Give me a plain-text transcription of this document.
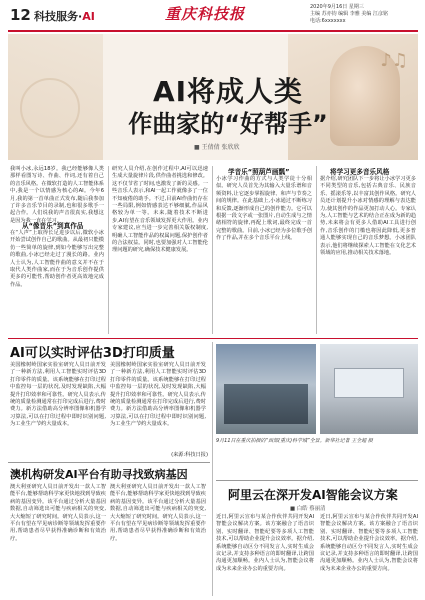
12 科技服务·AI	重庆科技报	2020年9月16日 星期三
主编 苏亦钧 编辑 李雅 美编 江彦铭
电话:6xxxxxxx
♪♫
AI将成人类
作曲家的“好帮手”
■ 王倩倩 张欣欣
我叫小冰,永远18岁。我已经能够像人类那样看图写诗、作曲、作词,还有着自己的音乐风格。在微软打造的人工智能体系中,我是一个以情感为核心的AI。今年6月,我的第一首单曲正式发布,随后我参加了许多音乐节目的录制,也和很多歌手一起合作。人们说我的声音很真实,我想这是因为我一直在学习。
从“像音乐”到真作品
在“人声”上取得长足进步以后,微软小冰开始尝试创作自己的歌曲。从最初只能模仿一些简单的旋律,到如今能够写出完整的歌曲,小冰已经走过了漫长的路。业内人士认为,人工智能作曲的意义并不在于取代人类作曲家,而在于为音乐创作提供更多的可能性,帮助创作者更高效地完成作品。
研究人员介绍,在创作过程中,AI可以迅速生成大量旋律片段,供作曲者挑选和修改。这不仅节省了时间,也激发了新的灵感。一些音乐人表示,和AI一起工作就像多了一位不知疲倦的助手。不过,目前AI作曲仍存在一些局限,例如情感表达不够细腻,作品风格较为单一等。未来,随着技术不断进步,AI有望在音乐领域发挥更大作用。业内专家建议,应当进一步完善相关版权制度,明确人工智能作品的权属问题,保护创作者的合法权益。同时,也要加强对人工智能伦理问题的研究,确保技术健康发展。
学音乐“照葫芦画瓢”
小冰学习作曲的方式与人类学徒十分相似。研究人员首先为其输入大量乐谱和音频资料,让它逐步掌握旋律、和声与节奏之间的规律。在此基础上,小冰通过不断练习和反馈,逐渐形成自己的创作能力。它可以根据一段文字或一张图片,自动生成与之情绪相符的旋律,再配上歌词,最终完成一首完整的歌曲。目前,小冰已经为多位歌手创作了作品,并在多个音乐平台上线。
将学习更多音乐风格
据介绍,研究团队下一步将让小冰学习更多不同类型的音乐,包括古典音乐、民族音乐、摇滚乐等,以丰富其创作风格。研究人员还计划提升小冰对情感的理解与表达能力,使其创作的作品更加打动人心。专家认为,人工智能与艺术的结合正在成为新的趋势,未来将会有更多人借助AI工具进行创作,音乐创作的门槛也将因此降低,更多普通人能够实现自己的音乐梦想。小冰团队表示,他们将继续探索人工智能在文化艺术领域的应用,推动相关技术落地。
AI可以实时评估3D打印质量
美国橡树岭国家实验室研究人员日前开发了一种新方法,利用人工智能实时评估3D打印零件的质量。该系统能够在打印过程中监控每一层的状况,及时发现缺陷,大幅提升打印效率和可靠性。研究人员表示,传统的质量检测通常在打印完成后进行,费时费力。新方法借助高分辨率图像和机器学习算法,可以在打印过程中即时识别问题,为工业生产节约大量成本。
美国橡树岭国家实验室研究人员日前开发了一种新方法,利用人工智能实时评估3D打印零件的质量。该系统能够在打印过程中监控每一层的状况,及时发现缺陷,大幅提升打印效率和可靠性。研究人员表示,传统的质量检测通常在打印完成后进行,费时费力。新方法借助高分辨率图像和机器学习算法,可以在打印过程中即时识别问题,为工业生产节约大量成本。
(来源:科技日报)
澳机构研发AI平台有助寻找致病基因
澳大利亚研究人员日前开发出一款人工智能平台,能够帮助科学家更快地找到导致疾病的基因变异。该平台通过分析大量基因数据,自动筛选出可能与疾病相关的突变,大大缩短了研究时间。研究人员表示,这一平台有望在罕见病诊断等领域发挥重要作用,帮助患者尽早获得准确诊断和有效治疗。
澳大利亚研究人员日前开发出一款人工智能平台,能够帮助科学家更快地找到导致疾病的基因变异。该平台通过分析大量基因数据,自动筛选出可能与疾病相关的突变,大大缩短了研究时间。研究人员表示,这一平台有望在罕见病诊断等领域发挥重要作用,帮助患者尽早获得准确诊断和有效治疗。
9月11日在重庆拍摄的“西部(重庆)科学城”全景。新华社记者 王全超 摄
阿里云在深开发AI智能会议方案
■ 白皓 蔡丽清
近日,阿里云宣布与某合作伙伴共同开发AI智能会议解决方案。该方案融合了语音识别、实时翻译、智能纪要等多项人工智能技术,可以帮助企业提升会议效率。据介绍,系统能够自动区分不同发言人,实时生成会议记录,并支持多种语言的即时翻译,让跨国沟通更加顺畅。业内人士认为,智能会议将成为未来企业办公的重要方向。
近日,阿里云宣布与某合作伙伴共同开发AI智能会议解决方案。该方案融合了语音识别、实时翻译、智能纪要等多项人工智能技术,可以帮助企业提升会议效率。据介绍,系统能够自动区分不同发言人,实时生成会议记录,并支持多种语言的即时翻译,让跨国沟通更加顺畅。业内人士认为,智能会议将成为未来企业办公的重要方向。
